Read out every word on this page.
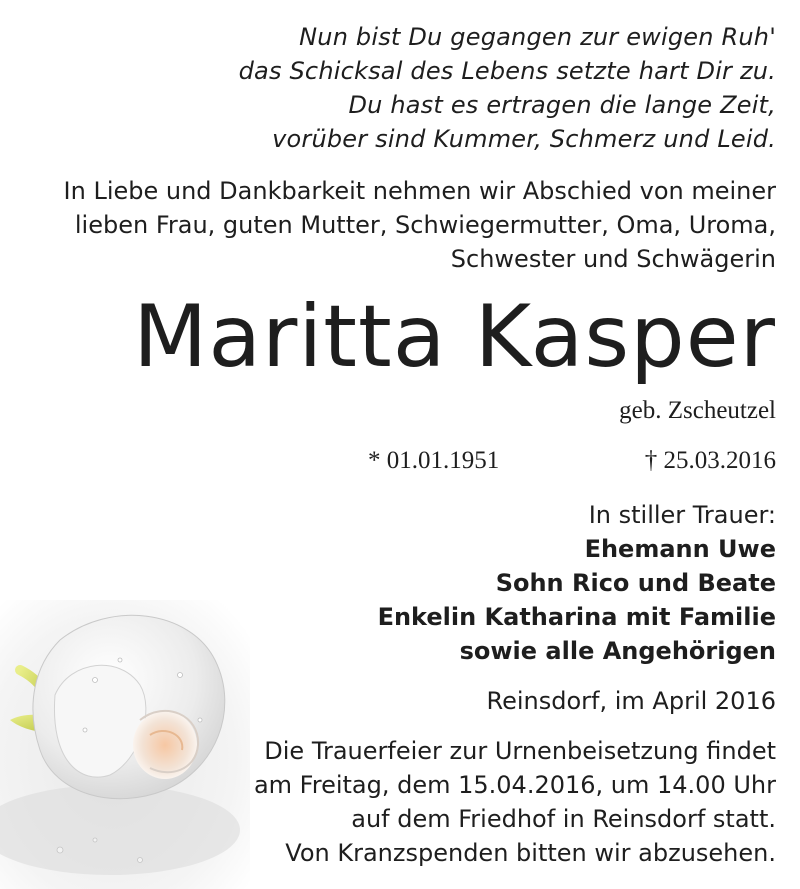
Nun bist Du gegangen zur ewigen Ruh'
das Schicksal des Lebens setzte hart Dir zu.
Du hast es ertragen die lange Zeit,
vorüber sind Kummer, Schmerz und Leid.
In Liebe und Dankbarkeit nehmen wir Abschied von meiner
lieben Frau, guten Mutter, Schwiegermutter, Oma, Uroma,
Schwester und Schwägerin
Maritta Kasper
geb. Zscheutzel
* 01.01.1951	† 25.03.2016
In stiller Trauer:
Ehemann Uwe
Sohn Rico und Beate
Enkelin Katharina mit Familie
sowie alle Angehörigen
Reinsdorf, im April 2016
Die Trauerfeier zur Urnenbeisetzung findet
am Freitag, dem 15.04.2016, um 14.00 Uhr
auf dem Friedhof in Reinsdorf statt.
Von Kranzspenden bitten wir abzusehen.
